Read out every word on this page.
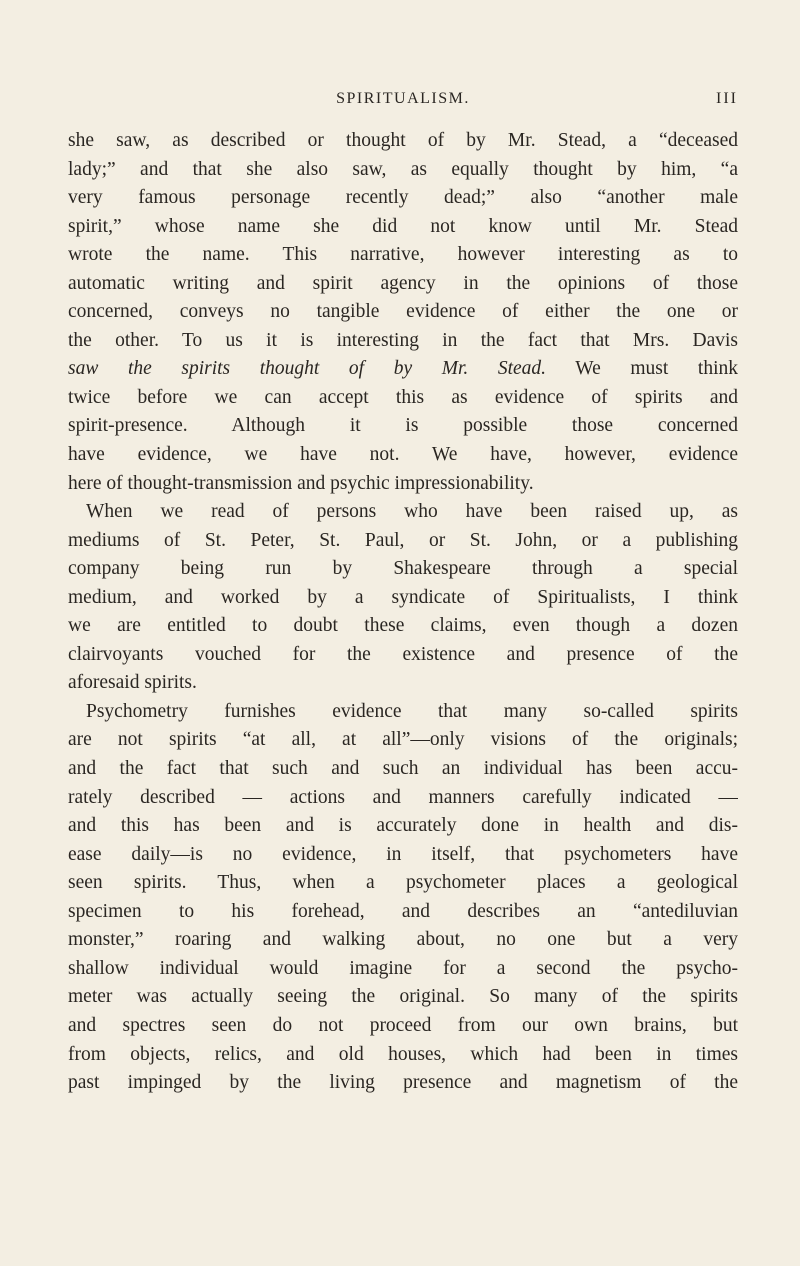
SPIRITUALISM.	III
she saw, as described or thought of by Mr. Stead, a “deceased
lady;” and that she also saw, as equally thought by him, “a
very famous personage recently dead;” also “another male
spirit,” whose name she did not know until Mr. Stead
wrote the name. This narrative, however interesting as to
automatic writing and spirit agency in the opinions of those
concerned, conveys no tangible evidence of either the one or
the other. To us it is interesting in the fact that Mrs. Davis
saw the spirits thought of by Mr. Stead. We must think
twice before we can accept this as evidence of spirits and
spirit-presence. Although it is possible those concerned
have evidence, we have not. We have, however, evidence
here of thought-transmission and psychic impressionability.
When we read of persons who have been raised up, as
mediums of St. Peter, St. Paul, or St. John, or a publishing
company being run by Shakespeare through a special
medium, and worked by a syndicate of Spiritualists, I think
we are entitled to doubt these claims, even though a dozen
clairvoyants vouched for the existence and presence of the
aforesaid spirits.
Psychometry furnishes evidence that many so-called spirits
are not spirits “at all, at all”—only visions of the originals;
and the fact that such and such an individual has been accu-
rately described — actions and manners carefully indicated —
and this has been and is accurately done in health and dis-
ease daily—is no evidence, in itself, that psychometers have
seen spirits. Thus, when a psychometer places a geological
specimen to his forehead, and describes an “antediluvian
monster,” roaring and walking about, no one but a very
shallow individual would imagine for a second the psycho-
meter was actually seeing the original. So many of the spirits
and spectres seen do not proceed from our own brains, but
from objects, relics, and old houses, which had been in times
past impinged by the living presence and magnetism of the
